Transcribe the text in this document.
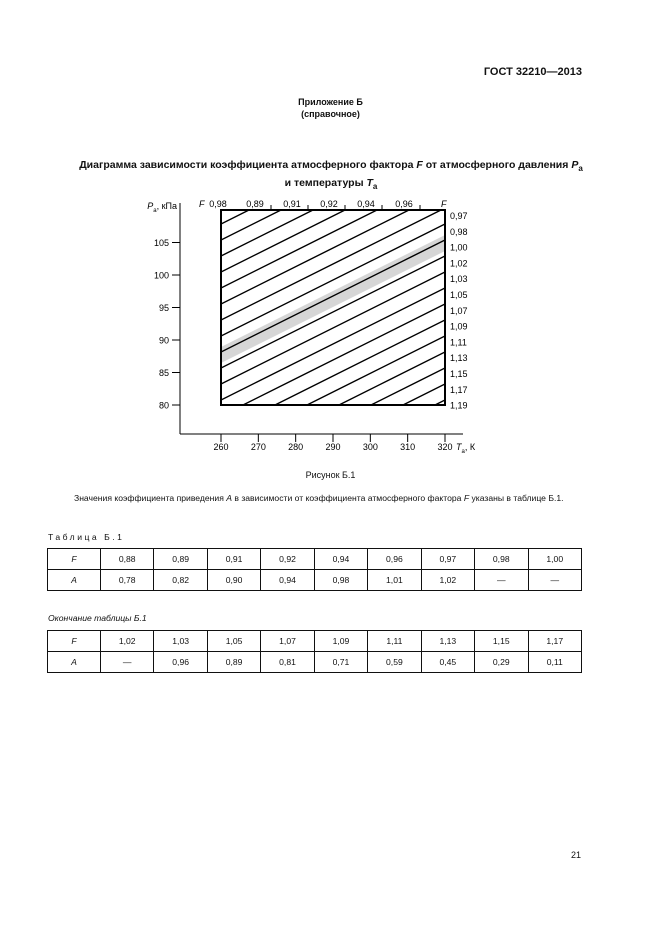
ГОСТ 32210—2013
Приложение Б
(справочное)
Диаграмма зависимости коэффициента атмосферного фактора F от атмосферного давления $P_a$
и температуры $T_a$
80
85
90
95
100
105
$P_a$, кПа
260 270 280 290 300 310 320 $T_a$, К
F 0,98 0,89 0,91 0,92 0,94 0,96	F
0,97
0,98
1,00
1,02
1,03
1,05
1,07
1,09
1,11
1,13
1,15
1,17
1,19
Рисунок Б.1
Значения коэффициента приведения A в зависимости от коэффициента атмосферного фактора F указаны в таблице Б.1.
Таблица Б.1
F	0,88	0,89	0,91	0,92	0,94	0,96	0,97	0,98	1,00
A	0,78	0,82	0,90	0,94	0,98	1,01	1,02	—	—
Окончание таблицы Б.1
F	1,02	1,03	1,05	1,07	1,09	1,11	1,13	1,15	1,17
A	—	0,96	0,89	0,81	0,71	0,59	0,45	0,29	0,11
21
